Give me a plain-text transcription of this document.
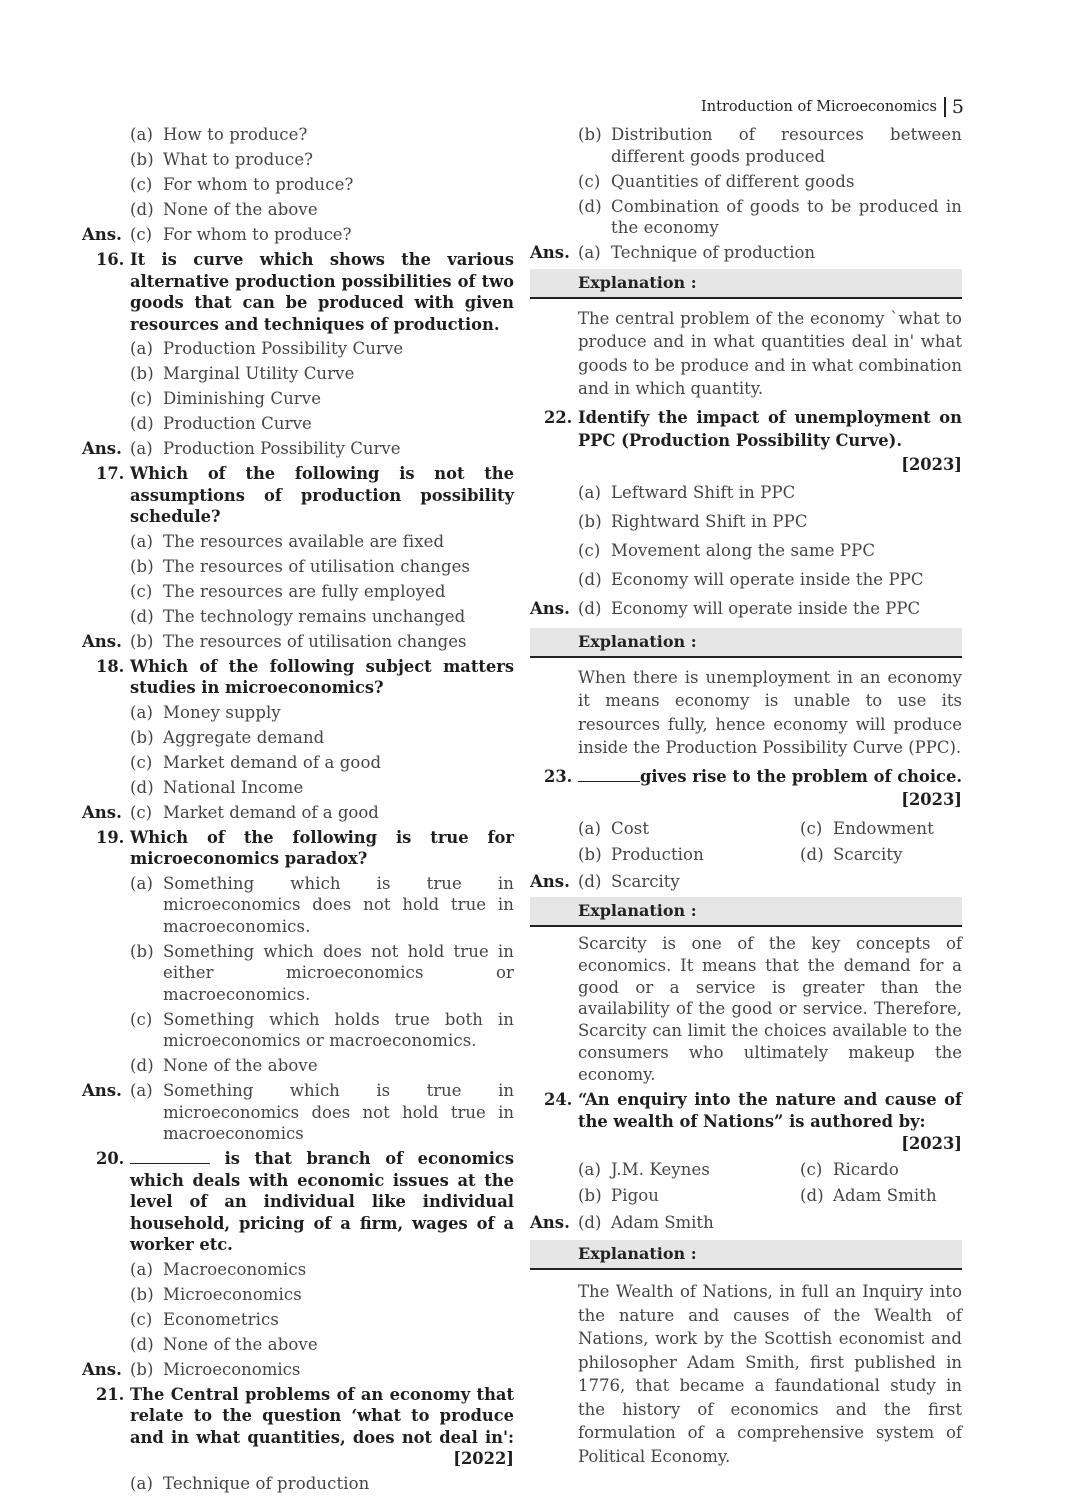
Introduction of Microeconomics 5
(a) How to produce?
(b) What to produce?
(c) For whom to produce?
(d) None of the above
Ans. (c) For whom to produce?
16. It is curve which shows the various alternative production possibilities of two goods that can be produced with given resources and techniques of production.
(a) Production Possibility Curve
(b) Marginal Utility Curve
(c) Diminishing Curve
(d) Production Curve
Ans. (a) Production Possibility Curve
17. Which of the following is not the assumptions of production possibility schedule?
(a) The resources available are fixed
(b) The resources of utilisation changes
(c) The resources are fully employed
(d) The technology remains unchanged
Ans. (b) The resources of utilisation changes
18. Which of the following subject matters studies in microeconomics?
(a) Money supply
(b) Aggregate demand
(c) Market demand of a good
(d) National Income
Ans. (c) Market demand of a good
19. Which of the following is true for microeconomics paradox?
(a) Something which is true in microeconomics does not hold true in macroeconomics.
(b) Something which does not hold true in either microeconomics or macroeconomics.
(c) Something which holds true both in microeconomics or macroeconomics.
(d) None of the above
Ans. (a) Something which is true in microeconomics does not hold true in macroeconomics
20.	is that branch of economics which deals with economic issues at the level of an individual like individual household, pricing of a firm, wages of a worker etc.
(a) Macroeconomics
(b) Microeconomics
(c) Econometrics
(d) None of the above
Ans. (b) Microeconomics
21. The Central problems of an economy that relate to the question ‘what to produce and in what quantities, does not deal in':
[2022]
(a) Technique of production
(b) Distribution of resources between different goods produced
(c) Quantities of different goods
(d) Combination of goods to be produced in the economy
Ans. (a) Technique of production
Explanation :
The central problem of the economy `what to produce and in what quantities deal in' what goods to be produce and in what combination and in which quantity.
22. Identify the impact of unemployment on PPC (Production Possibility Curve).
[2023]
(a) Leftward Shift in PPC
(b) Rightward Shift in PPC
(c) Movement along the same PPC
(d) Economy will operate inside the PPC
Ans. (d) Economy will operate inside the PPC
Explanation :
When there is unemployment in an economy it means economy is unable to use its resources fully, hence economy will produce inside the Production Possibility Curve (PPC).
23.	gives rise to the problem of choice.

[2023]
(a) Cost	(c) Endowment
(b) Production	(d) Scarcity
Ans. (d) Scarcity
Explanation :
Scarcity is one of the key concepts of economics. It means that the demand for a good or a service is greater than the availability of the good or service. Therefore, Scarcity can limit the choices available to the consumers who ultimately makeup the economy.
24. “An enquiry into the nature and cause of the wealth of Nations” is authored by:
[2023]
(a) J.M. Keynes	(c) Ricardo
(b) Pigou	(d) Adam Smith
Ans. (d) Adam Smith
Explanation :
The Wealth of Nations, in full an Inquiry into the nature and causes of the Wealth of Nations, work by the Scottish economist and philosopher Adam Smith, first published in 1776, that became a faundational study in the history of economics and the first formulation of a comprehensive system of Political Economy.
